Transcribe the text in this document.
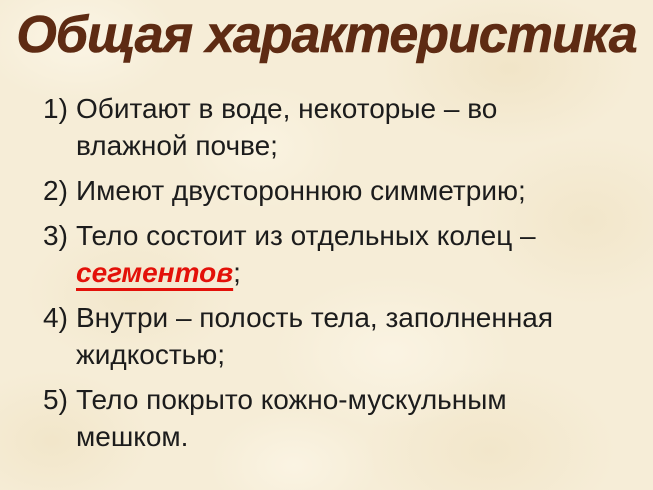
Общая характеристика
1) Обитают в воде, некоторые – во
влажной почве;
2) Имеют двустороннюю симметрию;
3) Тело состоит из отдельных колец –
сегментов;
4) Внутри – полость тела, заполненная
жидкостью;
5) Тело покрыто кожно-мускульным
мешком.
